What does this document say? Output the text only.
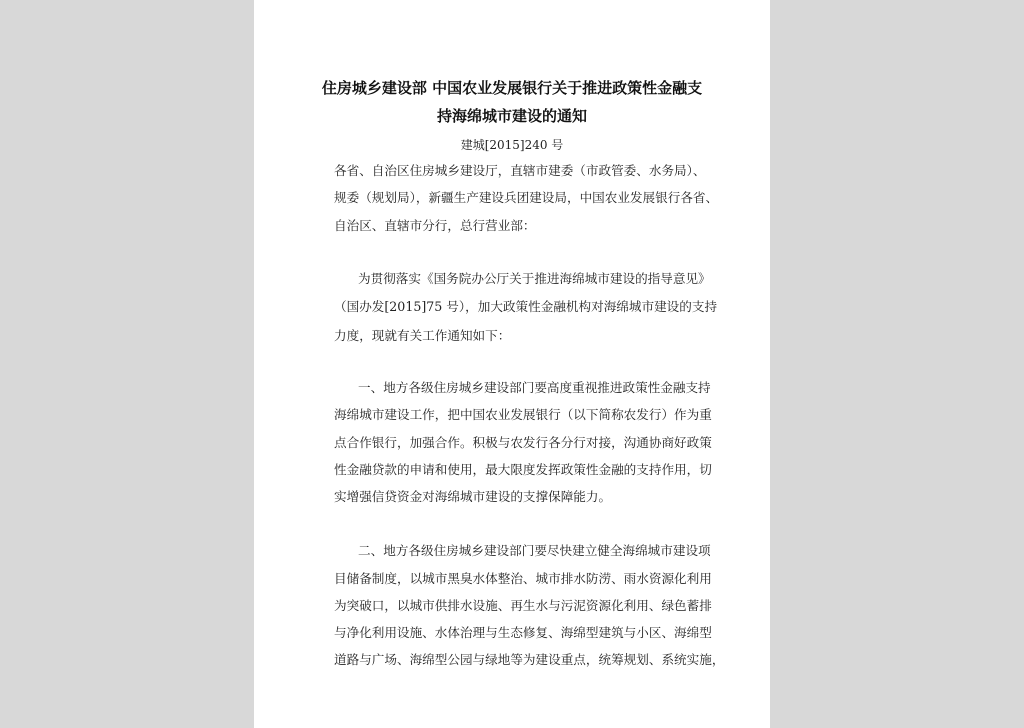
住房城乡建设部 中国农业发展银行关于推进政策性金融支
持海绵城市建设的通知
建城[2015]240 号
各省、自治区住房城乡建设厅，直辖市建委（市政管委、水务局）、
规委（规划局），新疆生产建设兵团建设局，中国农业发展银行各省、
自治区、直辖市分行，总行营业部：
为贯彻落实《国务院办公厅关于推进海绵城市建设的指导意见》
（国办发[2015]75 号），加大政策性金融机构对海绵城市建设的支持
力度，现就有关工作通知如下：
一、地方各级住房城乡建设部门要高度重视推进政策性金融支持
海绵城市建设工作，把中国农业发展银行（以下简称农发行）作为重
点合作银行，加强合作。积极与农发行各分行对接，沟通协商好政策
性金融贷款的申请和使用，最大限度发挥政策性金融的支持作用，切
实增强信贷资金对海绵城市建设的支撑保障能力。
二、地方各级住房城乡建设部门要尽快建立健全海绵城市建设项
目储备制度，以城市黑臭水体整治、城市排水防涝、雨水资源化利用
为突破口，以城市供排水设施、再生水与污泥资源化利用、绿色蓄排
与净化利用设施、水体治理与生态修复、海绵型建筑与小区、海绵型
道路与广场、海绵型公园与绿地等为建设重点，统筹规划、系统实施，
